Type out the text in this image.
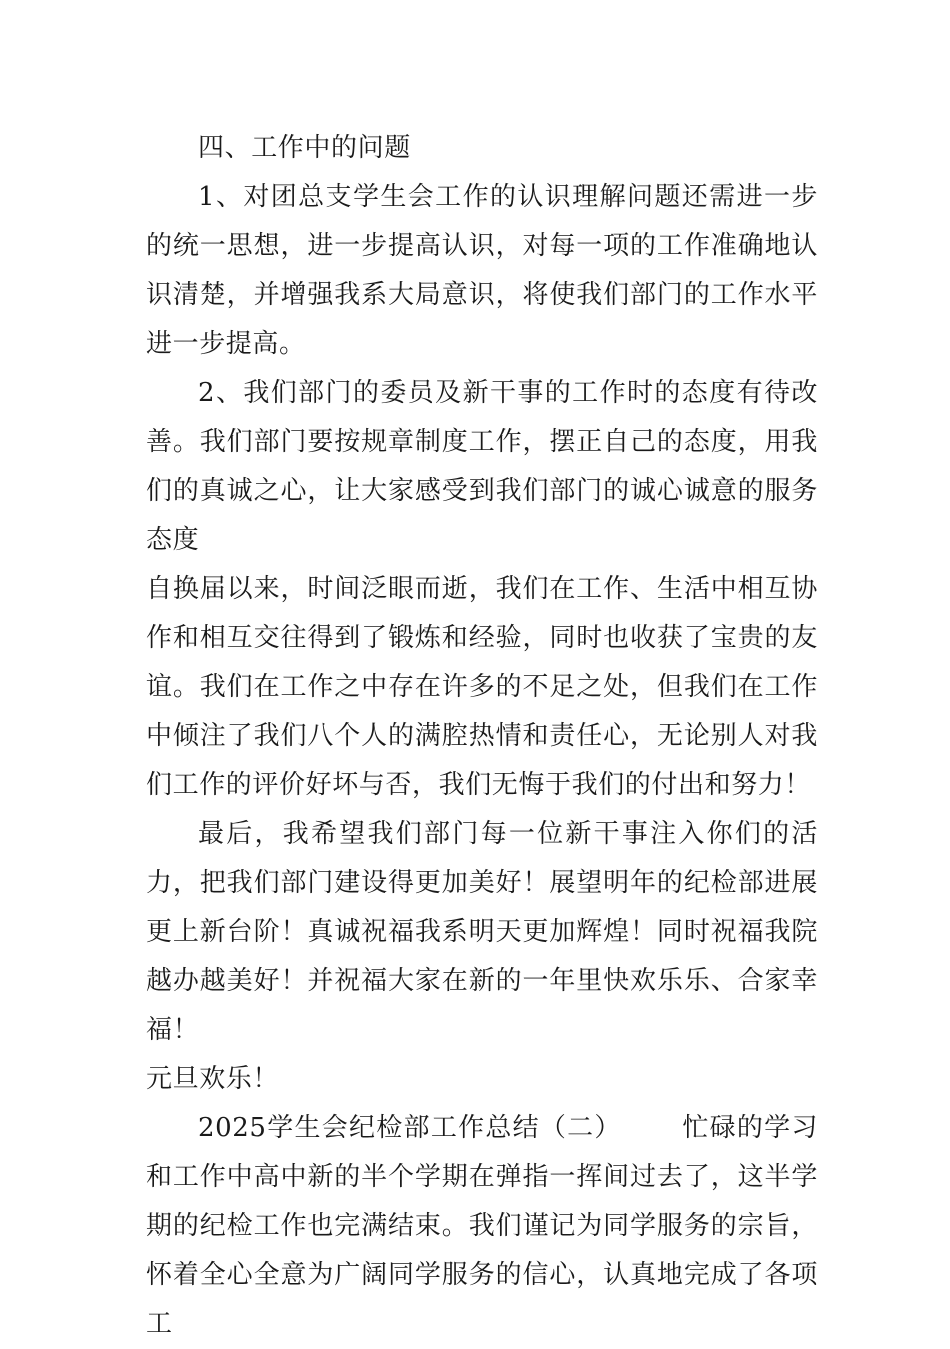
四、工作中的问题

1、对团总支学生会工作的认识理解问题还需进一步的统一思想，进一步提高认识，对每一项的工作准确地认识清楚，并增强我系大局意识，将使我们部门的工作水平进一步提高。

2、我们部门的委员及新干事的工作时的态度有待改善。我们部门要按规章制度工作，摆正自己的态度，用我们的真诚之心，让大家感受到我们部门的诚心诚意的服务态度

自换届以来，时间泛眼而逝，我们在工作、生活中相互协作和相互交往得到了锻炼和经验，同时也收获了宝贵的友谊。我们在工作之中存在许多的不足之处，但我们在工作中倾注了我们八个人的满腔热情和责任心，无论别人对我们工作的评价好坏与否，我们无悔于我们的付出和努力！

最后，我希望我们部门每一位新干事注入你们的活力，把我们部门建设得更加美好！展望明年的纪检部进展更上新台阶！真诚祝福我系明天更加辉煌！同时祝福我院越办越美好！并祝福大家在新的一年里快欢乐乐、合家幸福！

元旦欢乐！

2025学生会纪检部工作总结（二） 忙碌的学习和工作中高中新的半个学期在弹指一挥间过去了，这半学期的纪检工作也完满结束。我们谨记为同学服务的宗旨，怀着全心全意为广阔同学服务的信心，认真地完成了各项工
